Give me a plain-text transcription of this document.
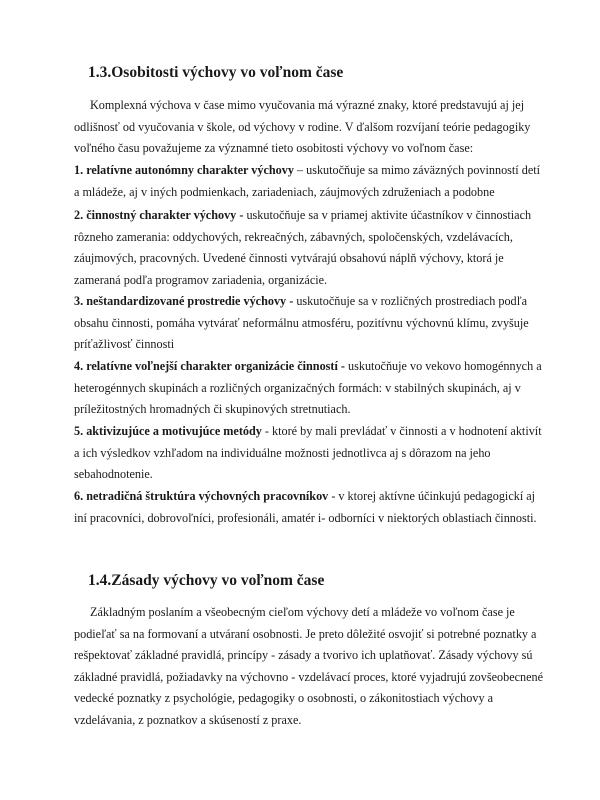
1.3.Osobitosti výchovy vo voľnom čase

Komplexná výchova v čase mimo vyučovania má výrazné znaky, ktoré predstavujú aj jej odlišnosť od vyučovania v škole, od výchovy v rodine. V ďalšom rozvíjaní teórie pedagogiky voľného času považujeme za významné tieto osobitosti výchovy vo voľnom čase:

1. relatívne autonómny charakter výchovy – uskutočňuje sa mimo záväzných povinností detí a mládeže, aj v iných podmienkach, zariadeniach, záujmových združeniach a podobne

2. činnostný charakter výchovy - uskutočňuje sa v priamej aktivite účastníkov v činnostiach rôzneho zamerania: oddychových, rekreačných, zábavných, spoločenských, vzdelávacích, záujmových, pracovných. Uvedené činnosti vytvárajú obsahovú náplň výchovy, ktorá je zameraná podľa programov zariadenia, organizácie.

3. neštandardizované prostredie výchovy - uskutočňuje sa v rozličných prostrediach podľa obsahu činnosti, pomáha vytvárať neformálnu atmosféru, pozitívnu výchovnú klímu, zvyšuje príťažlivosť činnosti

4. relatívne voľnejší charakter organizácie činností - uskutočňuje vo vekovo homogénnych a heterogénnych skupinách a rozličných organizačných formách: v stabilných skupinách, aj v príležitostných hromadných či skupinových stretnutiach.

5. aktivizujúce a motivujúce metódy - ktoré by mali prevládať v činnosti a v hodnotení aktivít a ich výsledkov vzhľadom na individuálne možnosti jednotlivca aj s dôrazom na jeho sebahodnotenie.

6. netradičná štruktúra výchovných pracovníkov - v ktorej aktívne účinkujú pedagogickí aj iní pracovníci, dobrovoľníci, profesionáli, amatér i- odborníci v niektorých oblastiach činnosti.

1.4.Zásady výchovy vo voľnom čase

Základným poslaním a všeobecným cieľom výchovy detí a mládeže vo voľnom čase je podieľať sa na formovaní a utváraní osobnosti. Je preto dôležité osvojiť si potrebné poznatky a rešpektovať základné pravidlá, princípy - zásady a tvorivo ich uplatňovať. Zásady výchovy sú základné pravidlá, požiadavky na výchovno - vzdelávací proces, ktoré vyjadrujú zovšeobecnené vedecké poznatky z psychológie, pedagogiky o osobnosti, o zákonitostiach výchovy a vzdelávania, z poznatkov a skúseností z praxe.
